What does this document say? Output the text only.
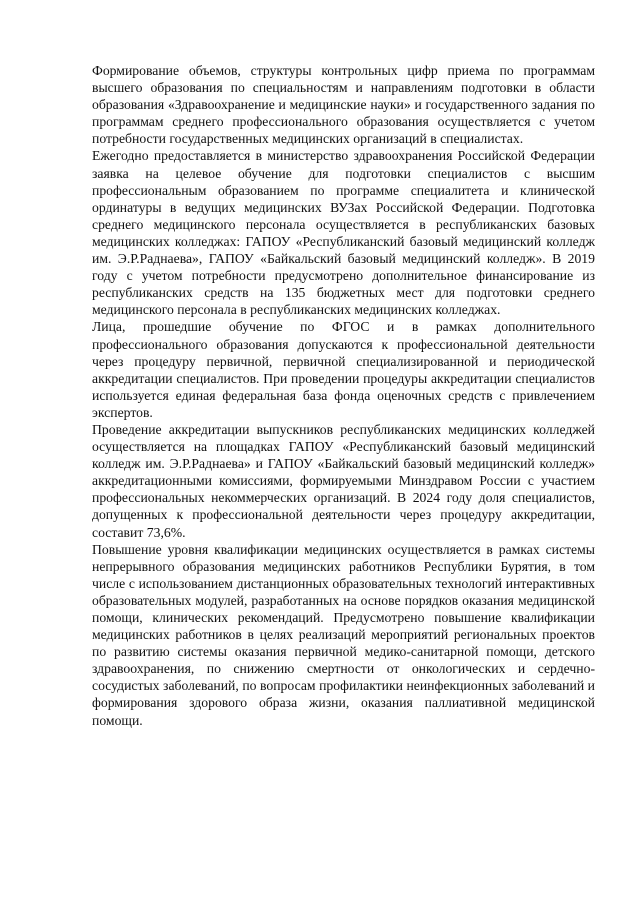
Формирование объемов, структуры контрольных цифр приема по программам высшего образования по специальностям и направлениям подготовки в области образования «Здравоохранение и медицинские науки» и государственного задания по программам среднего профессионального образования осуществляется с учетом потребности государственных медицинских организаций в специалистах.

Ежегодно предоставляется в министерство здравоохранения Российской Федерации заявка на целевое обучение для подготовки специалистов с высшим профессиональным образованием по программе специалитета и клинической ординатуры в ведущих медицинских ВУЗах Российской Федерации. Подготовка среднего медицинского персонала осуществляется в республиканских базовых медицинских колледжах: ГАПОУ «Республиканский базовый медицинский колледж им. Э.Р.Раднаева», ГАПОУ «Байкальский базовый медицинский колледж». В 2019 году с учетом потребности предусмотрено дополнительное финансирование из республиканских средств на 135 бюджетных мест для подготовки среднего медицинского персонала в республиканских медицинских колледжах.

Лица, прошедшие обучение по ФГОС и в рамках дополнительного профессионального образования допускаются к профессиональной деятельности через процедуру первичной, первичной специализированной и периодической аккредитации специалистов. При проведении процедуры аккредитации специалистов используется единая федеральная база фонда оценочных средств с привлечением экспертов.

Проведение аккредитации выпускников республиканских медицинских колледжей осуществляется на площадках ГАПОУ «Республиканский базовый медицинский колледж им. Э.Р.Раднаева» и ГАПОУ «Байкальский базовый медицинский колледж» аккредитационными комиссиями, формируемыми Минздравом России с участием профессиональных некоммерческих организаций. В 2024 году доля специалистов, допущенных к профессиональной деятельности через процедуру аккредитации, составит 73,6%.

Повышение уровня квалификации медицинских осуществляется в рамках системы непрерывного образования медицинских работников Республики Бурятия, в том числе с использованием дистанционных образовательных технологий интерактивных образовательных модулей, разработанных на основе порядков оказания медицинской помощи, клинических рекомендаций. Предусмотрено повышение квалификации медицинских работников в целях реализаций мероприятий региональных проектов по развитию системы оказания первичной медико-санитарной помощи, детского здравоохранения, по снижению смертности от онкологических и сердечно-сосудистых заболеваний, по вопросам профилактики неинфекционных заболеваний и формирования здорового образа жизни, оказания паллиативной медицинской помощи.
